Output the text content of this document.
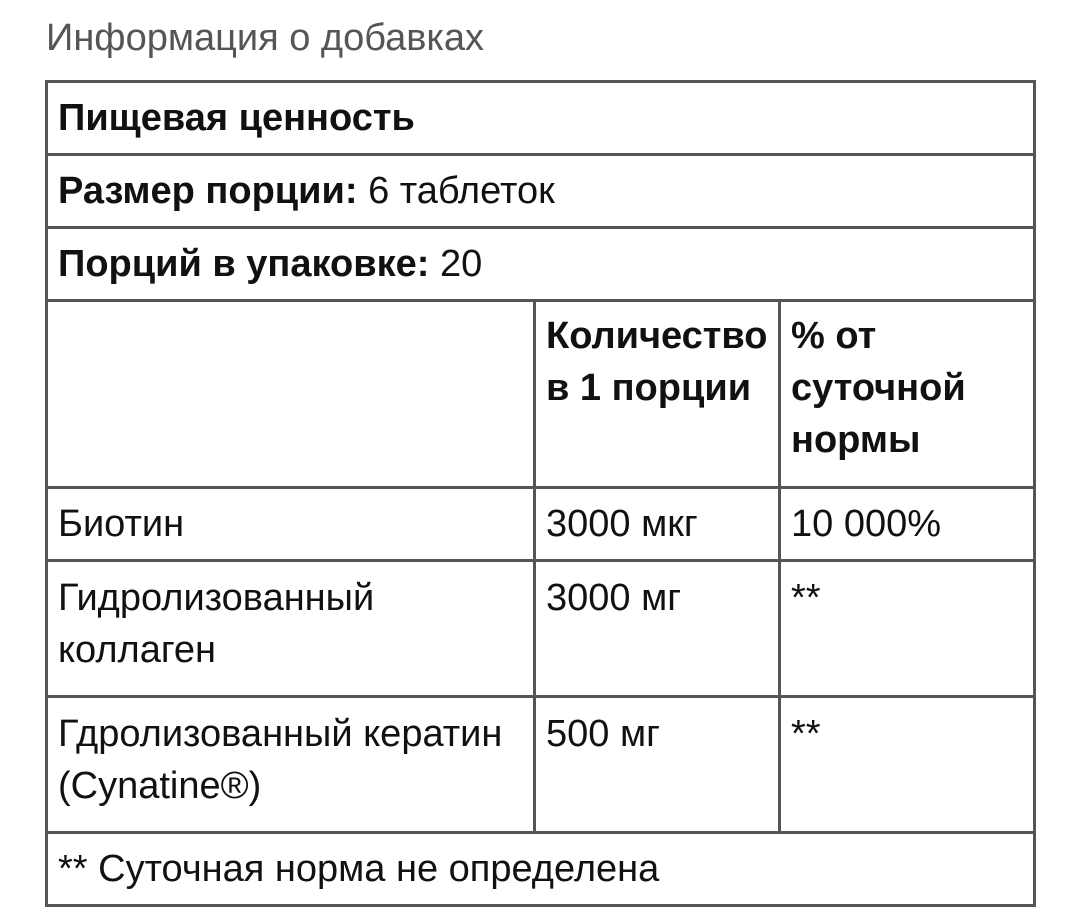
Информация о добавках
Пищевая ценность		
Размер порции: 6 таблеток		
Порций в упаковке: 20		
	Количество в 1 порции	% от суточной нормы
Биотин	3000 мкг	10 000%
Гидролизованный коллаген	3000 мг	**
Гдролизованный кератин (Cynatine®)	500 мг	**
** Суточная норма не определена		
